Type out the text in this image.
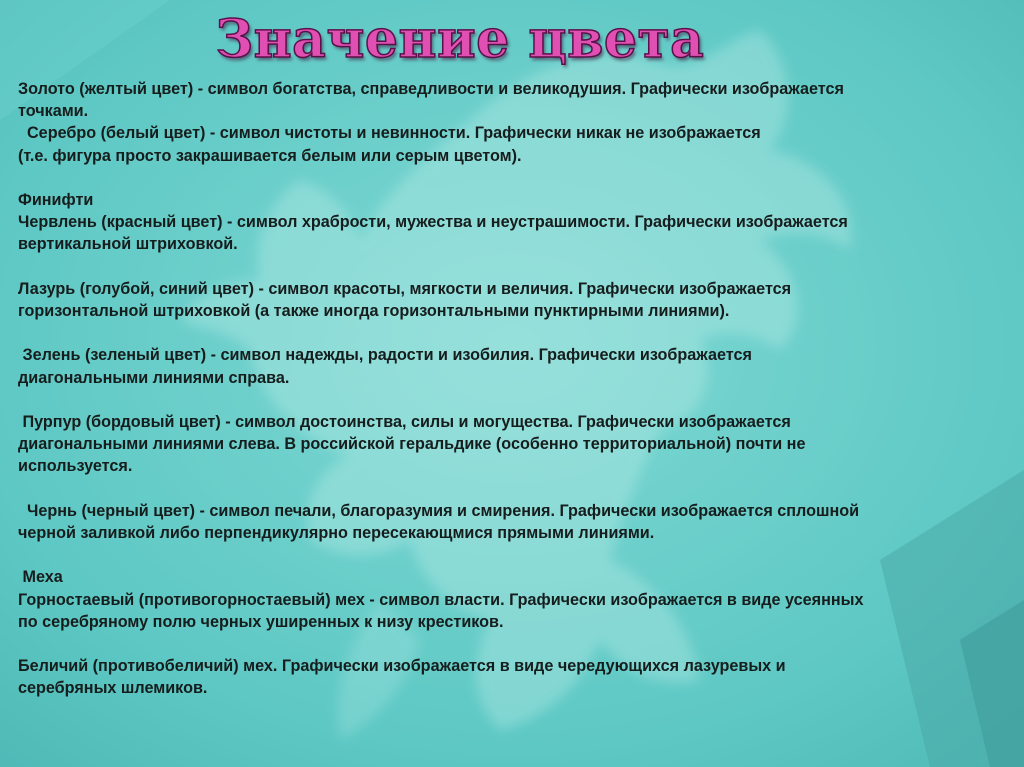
Значение цвета
Золото (желтый цвет) - символ богатства, справедливости и великодушия. Графически изображается
точками.
Серебро (белый цвет) - символ чистоты и невинности. Графически никак не изображается
(т.е. фигура просто закрашивается белым или серым цветом).
Финифти
Червлень (красный цвет) - символ храбрости, мужества и неустрашимости. Графически изображается
вертикальной штриховкой.
Лазурь (голубой, синий цвет) - символ красоты, мягкости и величия. Графически изображается
горизонтальной штриховкой (а также иногда горизонтальными пунктирными линиями).
Зелень (зеленый цвет) - символ надежды, радости и изобилия. Графически изображается
диагональными линиями справа.
Пурпур (бордовый цвет) - символ достоинства, силы и могущества. Графически изображается
диагональными линиями слева. В российской геральдике (особенно территориальной) почти не
используется.
Чернь (черный цвет) - символ печали, благоразумия и смирения. Графически изображается сплошной
черной заливкой либо перпендикулярно пересекающмися прямыми линиями.
Меха
Горностаевый (противогорностаевый) мех - символ власти. Графически изображается в виде усеянных
по серебряному полю черных уширенных к низу крестиков.
Беличий (противобеличий) мех. Графически изображается в виде чередующихся лазуревых и
серебряных шлемиков.
